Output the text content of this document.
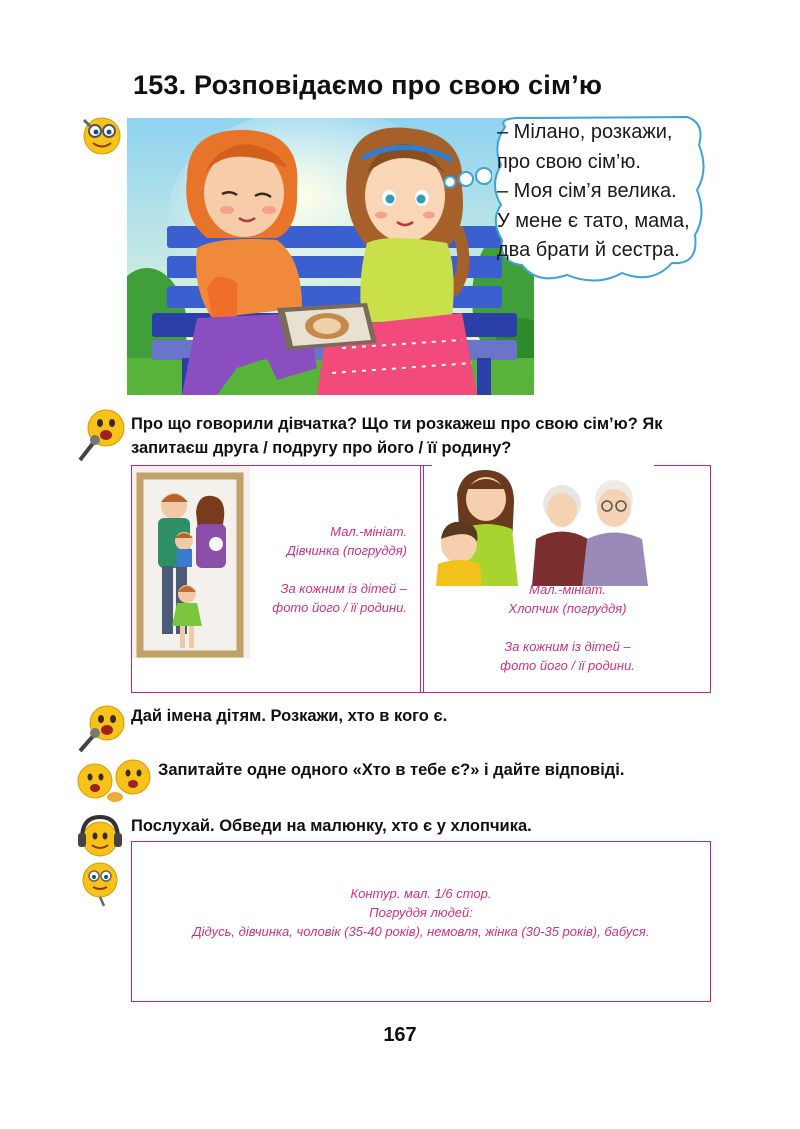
153. Розповідаємо про свою сім’ю
– Мілано, розкажи,
про свою сім’ю.
– Моя сім’я велика.
У мене є тато, мама,
два брати й сестра.
Про що говорили дівчатка? Що ти розкажеш про свою сім’ю? Як
запитаєш друга / подругу про його / її родину?
Мал.-мініат.
Дівчинка (погруддя)
За кожним із дітей –
фото його / її родини.
Мал.-мініат.
Хлопчик (погруддя)
За кожним із дітей –
фото його / її родини.
Дай імена дітям. Розкажи, хто в кого є.
Запитайте одне одного «Хто в тебе є?» і дайте відповіді.
Послухай. Обведи на малюнку, хто є у хлопчика.
Контур. мал. 1/6 стор.
Погруддя людей:
Дідусь, дівчинка, чоловік (35-40 років), немовля, жінка (30-35 років), бабуся.
167
